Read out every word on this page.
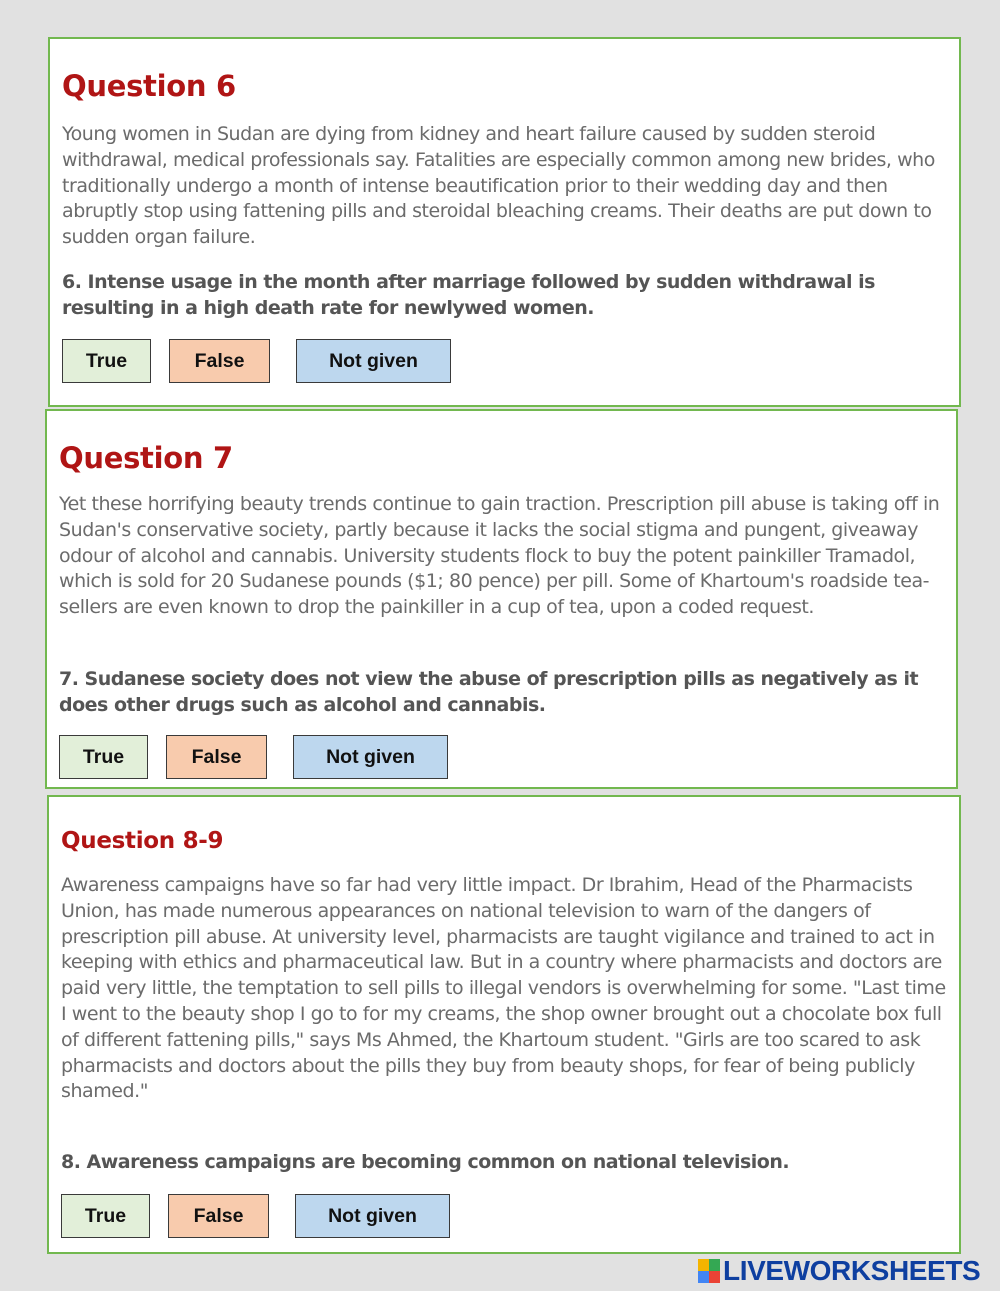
Question 6

Young women in Sudan are dying from kidney and heart failure caused by sudden steroid withdrawal, medical professionals say. Fatalities are especially common among new brides, who traditionally undergo a month of intense beautification prior to their wedding day and then abruptly stop using fattening pills and steroidal bleaching creams. Their deaths are put down to sudden organ failure.

6. Intense usage in the month after marriage followed by sudden withdrawal is resulting in a high death rate for newlywed women.

True	False	Not given
Question 7

Yet these horrifying beauty trends continue to gain traction. Prescription pill abuse is taking off in Sudan's conservative society, partly because it lacks the social stigma and pungent, giveaway odour of alcohol and cannabis. University students flock to buy the potent painkiller Tramadol, which is sold for 20 Sudanese pounds ($1; 80 pence) per pill. Some of Khartoum's roadside tea-sellers are even known to drop the painkiller in a cup of tea, upon a coded request.

7. Sudanese society does not view the abuse of prescription pills as negatively as it does other drugs such as alcohol and cannabis.

True	False	Not given
Question 8-9

Awareness campaigns have so far had very little impact. Dr Ibrahim, Head of the Pharmacists Union, has made numerous appearances on national television to warn of the dangers of prescription pill abuse. At university level, pharmacists are taught vigilance and trained to act in keeping with ethics and pharmaceutical law. But in a country where pharmacists and doctors are paid very little, the temptation to sell pills to illegal vendors is overwhelming for some. "Last time I went to the beauty shop I go to for my creams, the shop owner brought out a chocolate box full of different fattening pills," says Ms Ahmed, the Khartoum student. "Girls are too scared to ask pharmacists and doctors about the pills they buy from beauty shops, for fear of being publicly shamed."

8. Awareness campaigns are becoming common on national television.

True	False	Not given
LIVEWORKSHEETS
